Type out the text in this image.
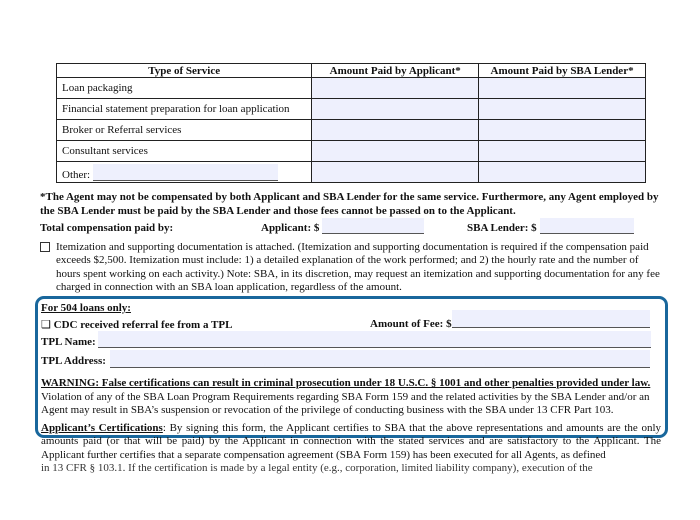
Type of Service	Amount Paid by Applicant*	Amount Paid by SBA Lender*
Loan packaging		
Financial statement preparation for loan application		
Broker or Referral services		
Consultant services		
Other:		
*The Agent may not be compensated by both Applicant and SBA Lender for the same service. Furthermore, any Agent employed by the SBA Lender must be paid by the SBA Lender and those fees cannot be passed on to the Applicant.
Total compensation paid by:	Applicant: $	SBA Lender: $
Itemization and supporting documentation is attached. (Itemization and supporting documentation is required if the compensation paid exceeds $2,500. Itemization must include: 1) a detailed explanation of the work performed; and 2) the hourly rate and the number of hours spent working on each activity.) Note: SBA, in its discretion, may request an itemization and supporting documentation for any fee charged in connection with an SBA loan application, regardless of the amount.
For 504 loans only:
❑ CDC received referral fee from a TPL	Amount of Fee: $
TPL Name:
TPL Address:
WARNING: False certifications can result in criminal prosecution under 18 U.S.C. § 1001 and other penalties provided under law.
Violation of any of the SBA Loan Program Requirements regarding SBA Form 159 and the related activities by the SBA Lender and/or an Agent may result in SBA’s suspension or revocation of the privilege of conducting business with the SBA under 13 CFR Part 103.
Applicant’s Certifications: By signing this form, the Applicant certifies to SBA that the above representations and amounts are the only amounts paid (or that will be paid) by the Applicant in connection with the stated services and are satisfactory to the Applicant. The Applicant further certifies that a separate compensation agreement (SBA Form 159) has been executed for all Agents, as defined
in 13 CFR § 103.1. If the certification is made by a legal entity (e.g., corporation, limited liability company), execution of the
